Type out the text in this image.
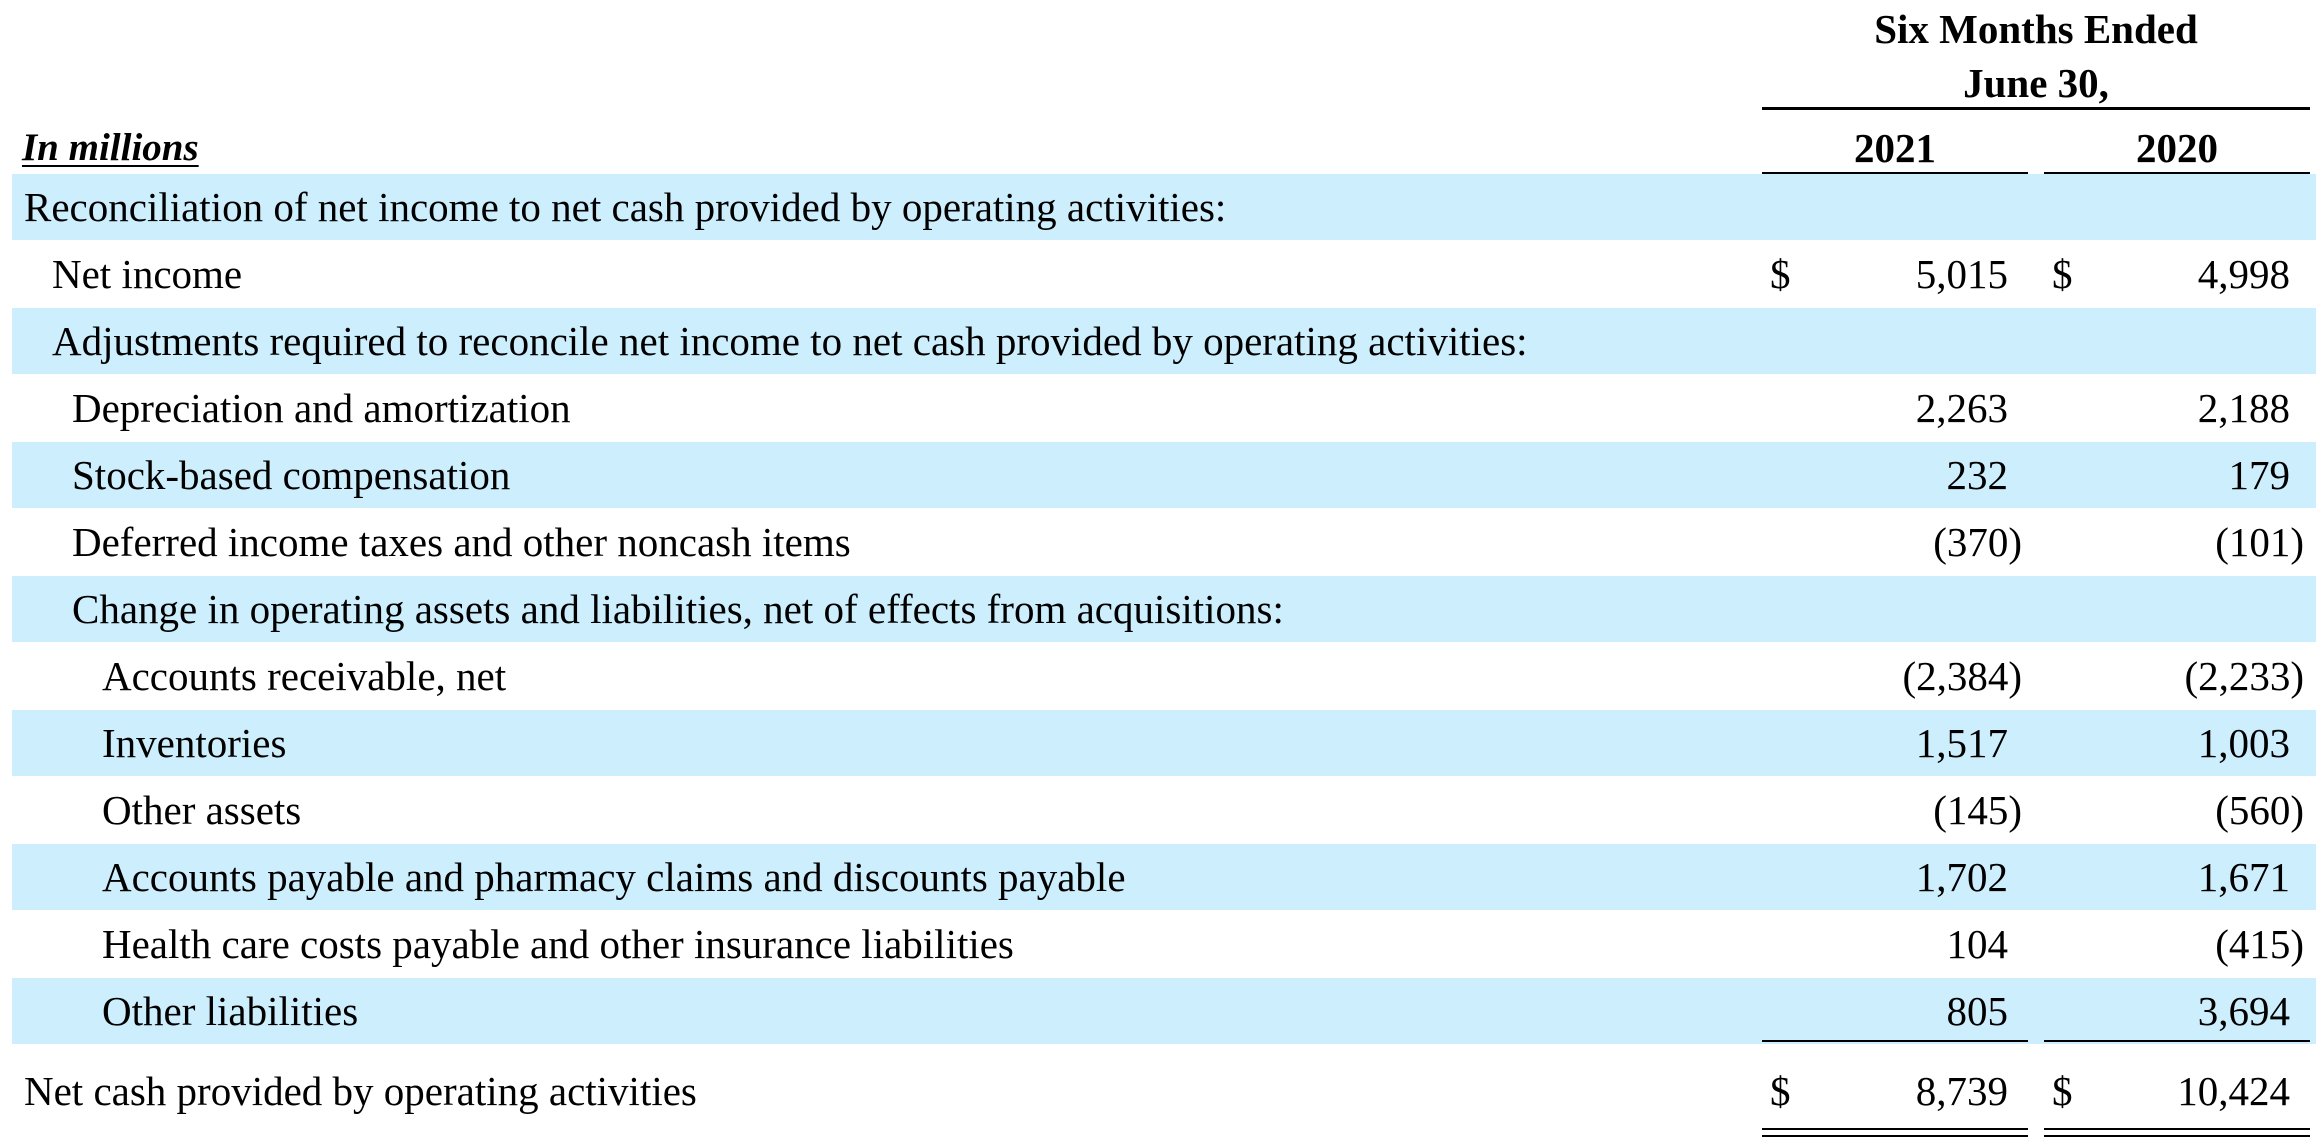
Six Months Ended
June 30,
In millions	2021	2020
Reconciliation of net income to net cash provided by operating activities:
Net income	$	5,015 $	4,998
Adjustments required to reconcile net income to net cash provided by operating activities:
Depreciation and amortization	2,263	2,188
Stock-based compensation	232	179
Deferred income taxes and other noncash items	(370)	(101)
Change in operating assets and liabilities, net of effects from acquisitions:
Accounts receivable, net	(2,384)	(2,233)
Inventories	1,517	1,003
Other assets	(145)	(560)
Accounts payable and pharmacy claims and discounts payable	1,702	1,671
Health care costs payable and other insurance liabilities	104	(415)
Other liabilities	805	3,694
Net cash provided by operating activities	$	8,739 $	10,424
